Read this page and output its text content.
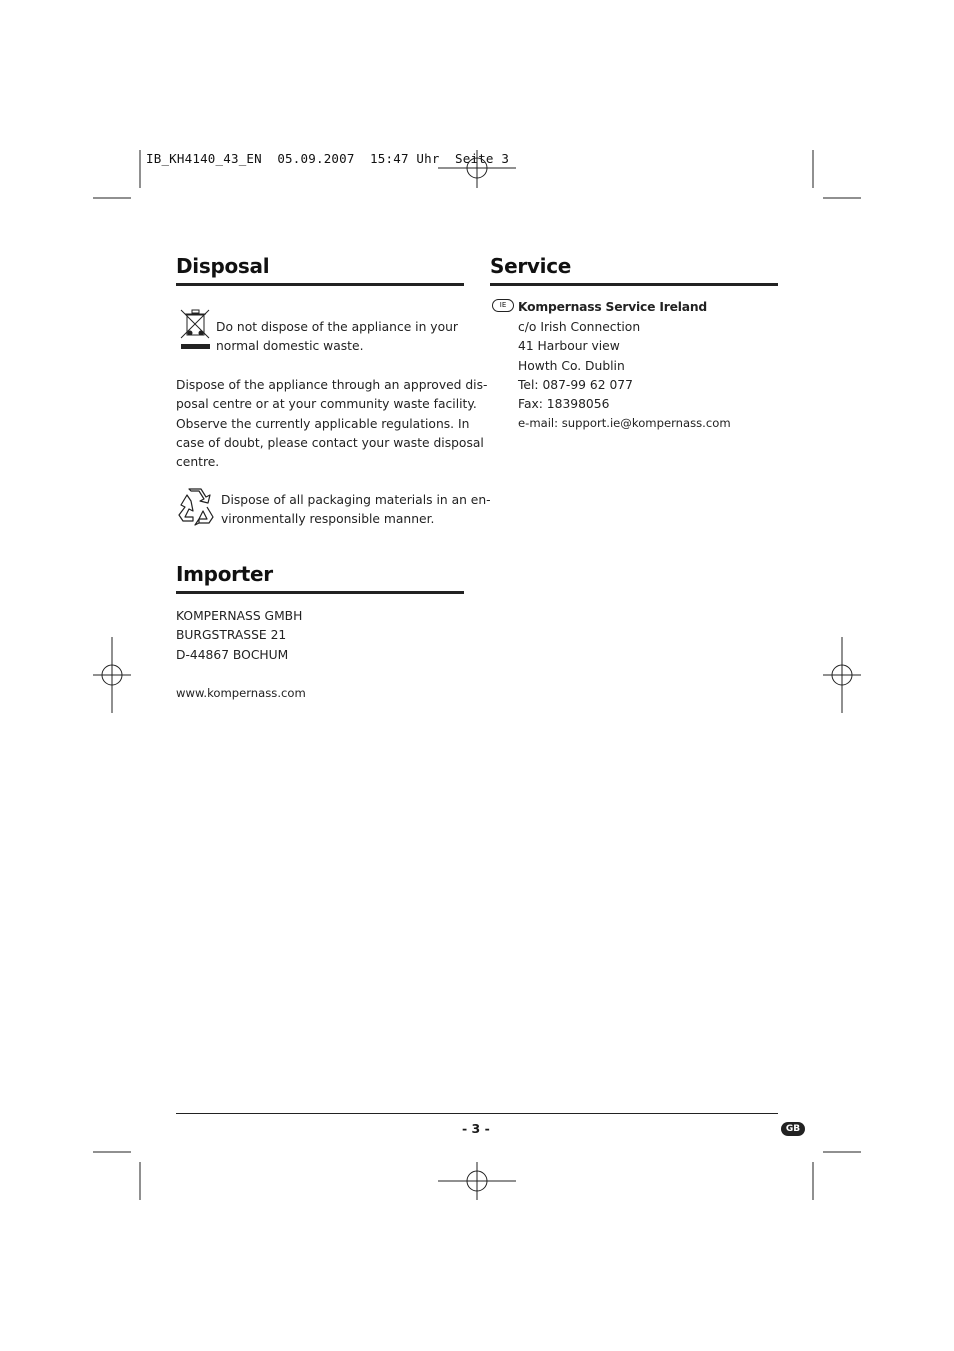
IB_KH4140_43_EN  05.09.2007  15:47 Uhr  Seite 3
Disposal
Do not dispose of the appliance in your
normal domestic waste.
Dispose of the appliance through an approved dis-
posal centre or at your community waste facility.
Observe the currently applicable regulations. In
case of doubt, please contact your waste disposal
centre.
Dispose of all packaging materials in an en-
vironmentally responsible manner.
Importer
KOMPERNASS GMBH
BURGSTRASSE 21
D-44867 BOCHUM
www.kompernass.com
Service
IE Kompernass Service Ireland
c/o Irish Connection
41 Harbour view
Howth Co. Dublin
Tel: 087-99 62 077
Fax: 18398056
e-mail: support.ie@kompernass.com
- 3 -	GB
